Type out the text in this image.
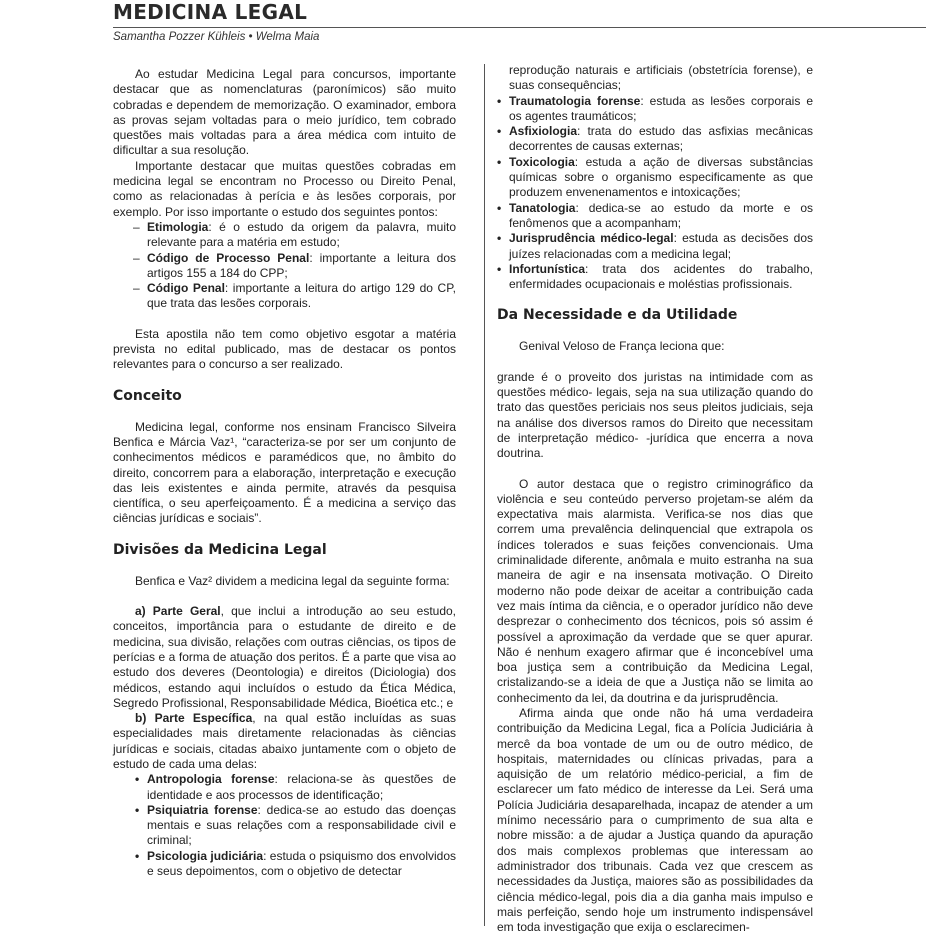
MEDICINA LEGAL
Samantha Pozzer Kühleis • Welma Maia

Ao estudar Medicina Legal para concursos, importante destacar que as nomenclaturas (paronímicos) são muito cobradas e dependem de memorização. O examinador, embora as provas sejam voltadas para o meio jurídico, tem cobrado questões mais voltadas para a área médica com intuito de dificultar a sua resolução.

Importante destacar que muitas questões cobradas em medicina legal se encontram no Processo ou Direito Penal, como as relacionadas à perícia e às lesões corporais, por exemplo. Por isso importante o estudo dos seguintes pontos:

– Etimologia: é o estudo da origem da palavra, muito relevante para a matéria em estudo;
– Código de Processo Penal: importante a leitura dos artigos 155 a 184 do CPP;
– Código Penal: importante a leitura do artigo 129 do CP, que trata das lesões corporais.

Esta apostila não tem como objetivo esgotar a matéria prevista no edital publicado, mas de destacar os pontos relevantes para o concurso a ser realizado.

Conceito

Medicina legal, conforme nos ensinam Francisco Silveira Benfica e Márcia Vaz¹, “caracteriza-se por ser um conjunto de conhecimentos médicos e paramédicos que, no âmbito do direito, concorrem para a elaboração, interpretação e execução das leis existentes e ainda permite, através da pesquisa científica, o seu aperfeiçoamento. É a medicina a serviço das ciências jurídicas e sociais”.

Divisões da Medicina Legal

Benfica e Vaz² dividem a medicina legal da seguinte forma:

a) Parte Geral, que inclui a introdução ao seu estudo, conceitos, importância para o estudante de direito e de medicina, sua divisão, relações com outras ciências, os tipos de perícias e a forma de atuação dos peritos. É a parte que visa ao estudo dos deveres (Deontologia) e direitos (Diciologia) dos médicos, estando aqui incluídos o estudo da Ética Médica, Segredo Profissional, Responsabilidade Médica, Bioética etc.; e

b) Parte Específica, na qual estão incluídas as suas especialidades mais diretamente relacionadas às ciências jurídicas e sociais, citadas abaixo juntamente com o objeto de estudo de cada uma delas:

• Antropologia forense: relaciona-se às questões de identidade e aos processos de identificação;
• Psiquiatria forense: dedica-se ao estudo das doenças mentais e suas relações com a responsabilidade civil e criminal;
• Psicologia judiciária: estuda o psiquismo dos envolvidos e seus depoimentos, com o objetivo de detectar

reprodução naturais e artificiais (obstetrícia forense), e suas consequências;

• Traumatologia forense: estuda as lesões corporais e os agentes traumáticos;
• Asfixiologia: trata do estudo das asfixias mecânicas decorrentes de causas externas;
• Toxicologia: estuda a ação de diversas substâncias químicas sobre o organismo especificamente as que produzem envenenamentos e intoxicações;
• Tanatologia: dedica-se ao estudo da morte e os fenômenos que a acompanham;
• Jurisprudência médico-legal: estuda as decisões dos juízes relacionadas com a medicina legal;
• Infortunística: trata dos acidentes do trabalho, enfermidades ocupacionais e moléstias profissionais.
Da Necessidade e da Utilidade

Genival Veloso de França leciona que:

grande é o proveito dos juristas na intimidade com as questões médico- legais, seja na sua utilização quando do trato das questões periciais nos seus pleitos judiciais, seja na análise dos diversos ramos do Direito que necessitam de interpretação médico- -jurídica que encerra a nova doutrina.

O autor destaca que o registro criminográfico da violência e seu conteúdo perverso projetam-se além da expectativa mais alarmista. Verifica-se nos dias que correm uma prevalência delinquencial que extrapola os índices tolerados e suas feições convencionais. Uma criminalidade diferente, anômala e muito estranha na sua maneira de agir e na insensata motivação. O Direito moderno não pode deixar de aceitar a contribuição cada vez mais íntima da ciência, e o operador jurídico não deve desprezar o conhecimento dos técnicos, pois só assim é possível a aproximação da verdade que se quer apurar. Não é nenhum exagero afirmar que é inconcebível uma boa justiça sem a contribuição da Medicina Legal, cristalizando-se a ideia de que a Justiça não se limita ao conhecimento da lei, da doutrina e da jurisprudência.

Afirma ainda que onde não há uma verdadeira contribuição da Medicina Legal, fica a Polícia Judiciária à mercê da boa vontade de um ou de outro médico, de hospitais, maternidades ou clínicas privadas, para a aquisição de um relatório médico-pericial, a fim de esclarecer um fato médico de interesse da Lei. Será uma Polícia Judiciária desaparelhada, incapaz de atender a um mínimo necessário para o cumprimento de sua alta e nobre missão: a de ajudar a Justiça quando da apuração dos mais complexos problemas que interessam ao administrador dos tribunais. Cada vez que crescem as necessidades da Justiça, maiores são as possibilidades da ciência médico-legal, pois dia a dia ganha mais impulso e mais perfeição, sendo hoje um instrumento indispensável em toda investigação que exija o esclarecimen-
